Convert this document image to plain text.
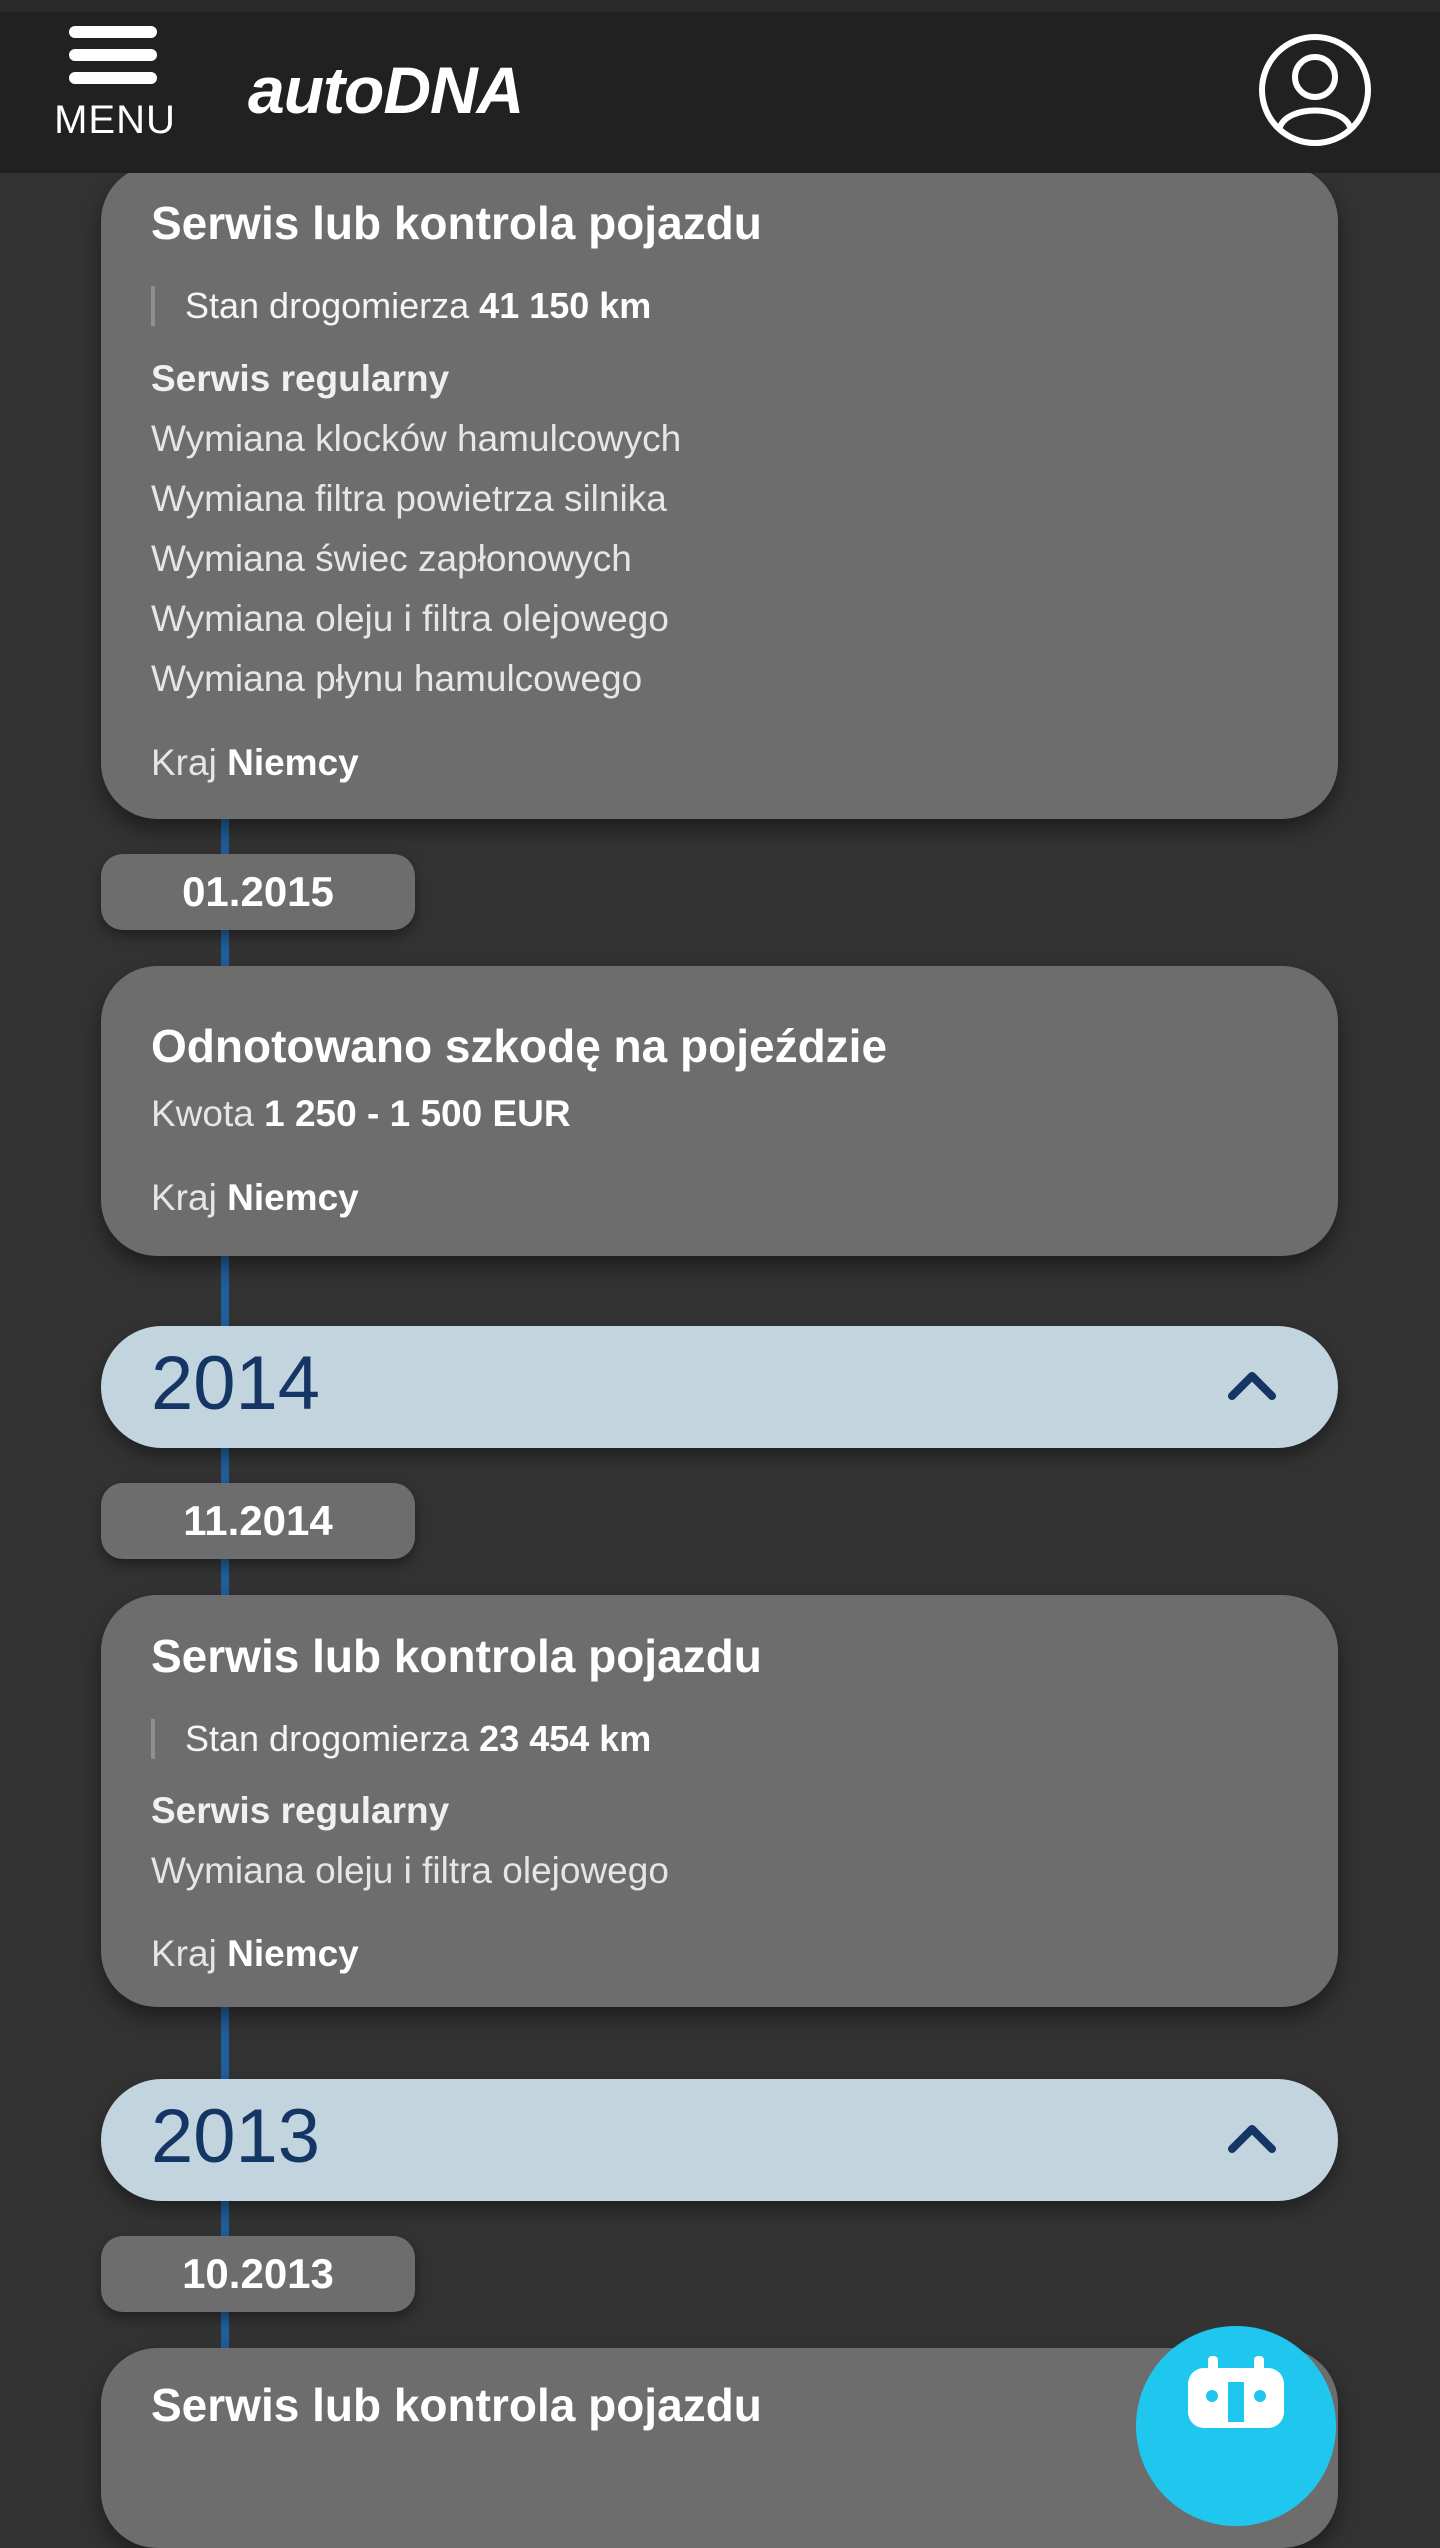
MENU autoDNA
Serwis lub kontrola pojazdu
Stan drogomierza 41 150 km
Serwis regularny
Wymiana klocków hamulcowych
Wymiana filtra powietrza silnika
Wymiana świec zapłonowych
Wymiana oleju i filtra olejowego
Wymiana płynu hamulcowego
Kraj Niemcy
01.2015
Odnotowano szkodę na pojeździe
Kwota 1 250 - 1 500 EUR
Kraj Niemcy
2014
11.2014
Serwis lub kontrola pojazdu
Stan drogomierza 23 454 km
Serwis regularny
Wymiana oleju i filtra olejowego
Kraj Niemcy
2013
10.2013
Serwis lub kontrola pojazdu
